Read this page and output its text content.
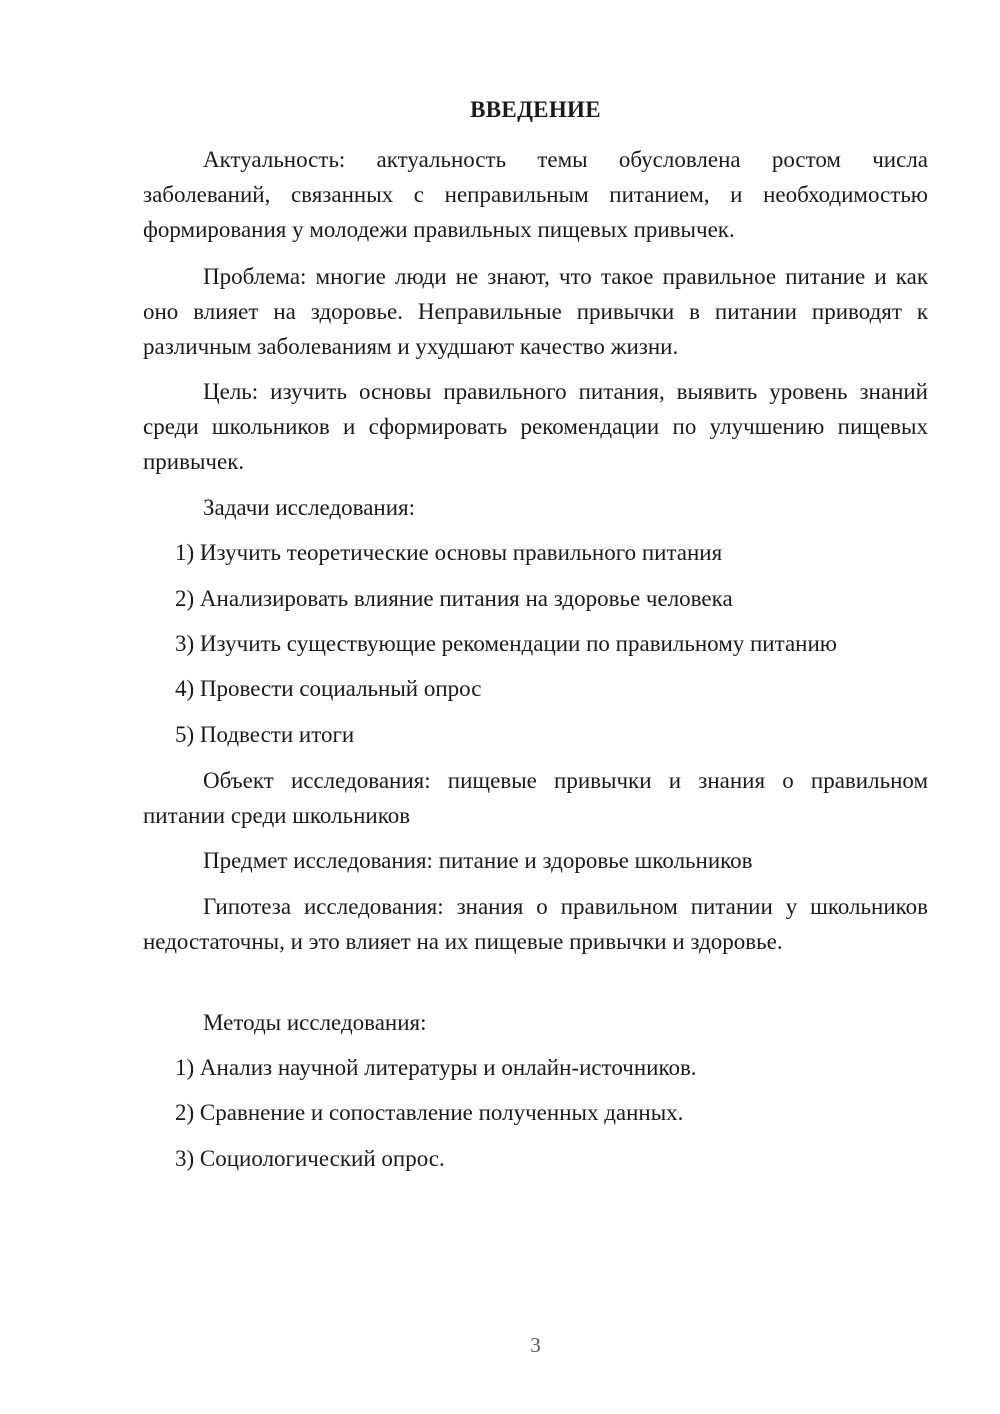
ВВЕДЕНИЕ

Актуальность: актуальность темы обусловлена ростом числа заболеваний, связанных с неправильным питанием, и необходимостью формирования у молодежи правильных пищевых привычек.

Проблема: многие люди не знают, что такое правильное питание и как оно влияет на здоровье. Неправильные привычки в питании приводят к различным заболеваниям и ухудшают качество жизни.

Цель: изучить основы правильного питания, выявить уровень знаний среди школьников и сформировать рекомендации по улучшению пищевых привычек.

Задачи исследования:

1) Изучить теоретические основы правильного питания

2) Анализировать влияние питания на здоровье человека

3) Изучить существующие рекомендации по правильному питанию

4) Провести социальный опрос

5) Подвести итоги

Объект исследования: пищевые привычки и знания о правильном питании среди школьников

Предмет исследования: питание и здоровье школьников

Гипотеза исследования: знания о правильном питании у школьников недостаточны, и это влияет на их пищевые привычки и здоровье.

Методы исследования:

1) Анализ научной литературы и онлайн-источников.

2) Сравнение и сопоставление полученных данных.

3) Социологический опрос.

3
